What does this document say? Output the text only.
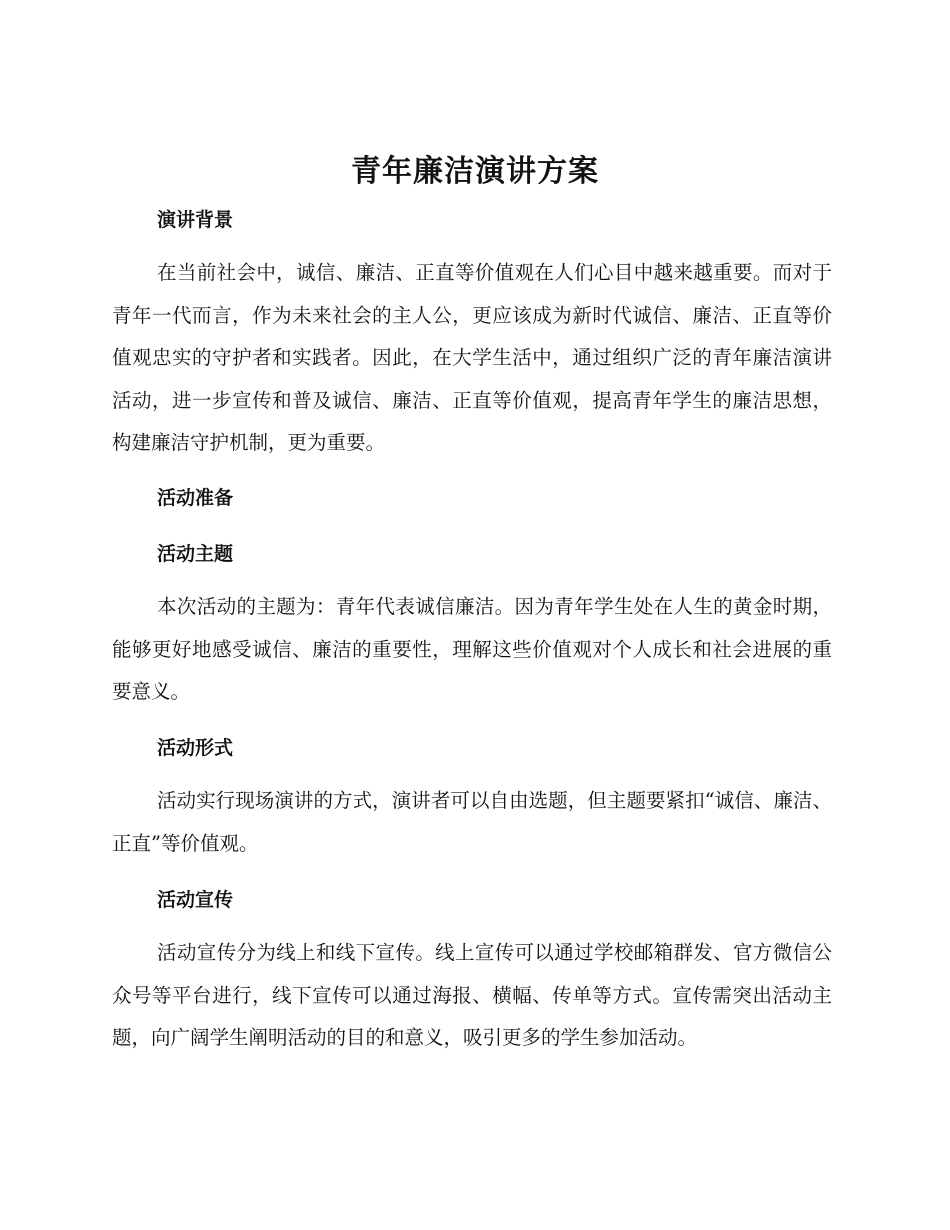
青年廉洁演讲方案
演讲背景

在当前社会中，诚信、廉洁、正直等价值观在人们心目中越来越重要。而对于青年一代而言，作为未来社会的主人公，更应该成为新时代诚信、廉洁、正直等价值观忠实的守护者和实践者。因此，在大学生活中，通过组织广泛的青年廉洁演讲活动，进一步宣传和普及诚信、廉洁、正直等价值观，提高青年学生的廉洁思想，构建廉洁守护机制，更为重要。

活动准备
活动主题

本次活动的主题为：青年代表诚信廉洁。因为青年学生处在人生的黄金时期，能够更好地感受诚信、廉洁的重要性，理解这些价值观对个人成长和社会进展的重要意义。

活动形式

活动实行现场演讲的方式，演讲者可以自由选题，但主题要紧扣“诚信、廉洁、正直”等价值观。

活动宣传

活动宣传分为线上和线下宣传。线上宣传可以通过学校邮箱群发、官方微信公众号等平台进行，线下宣传可以通过海报、横幅、传单等方式。宣传需突出活动主题，向广阔学生阐明活动的目的和意义，吸引更多的学生参加活动。
